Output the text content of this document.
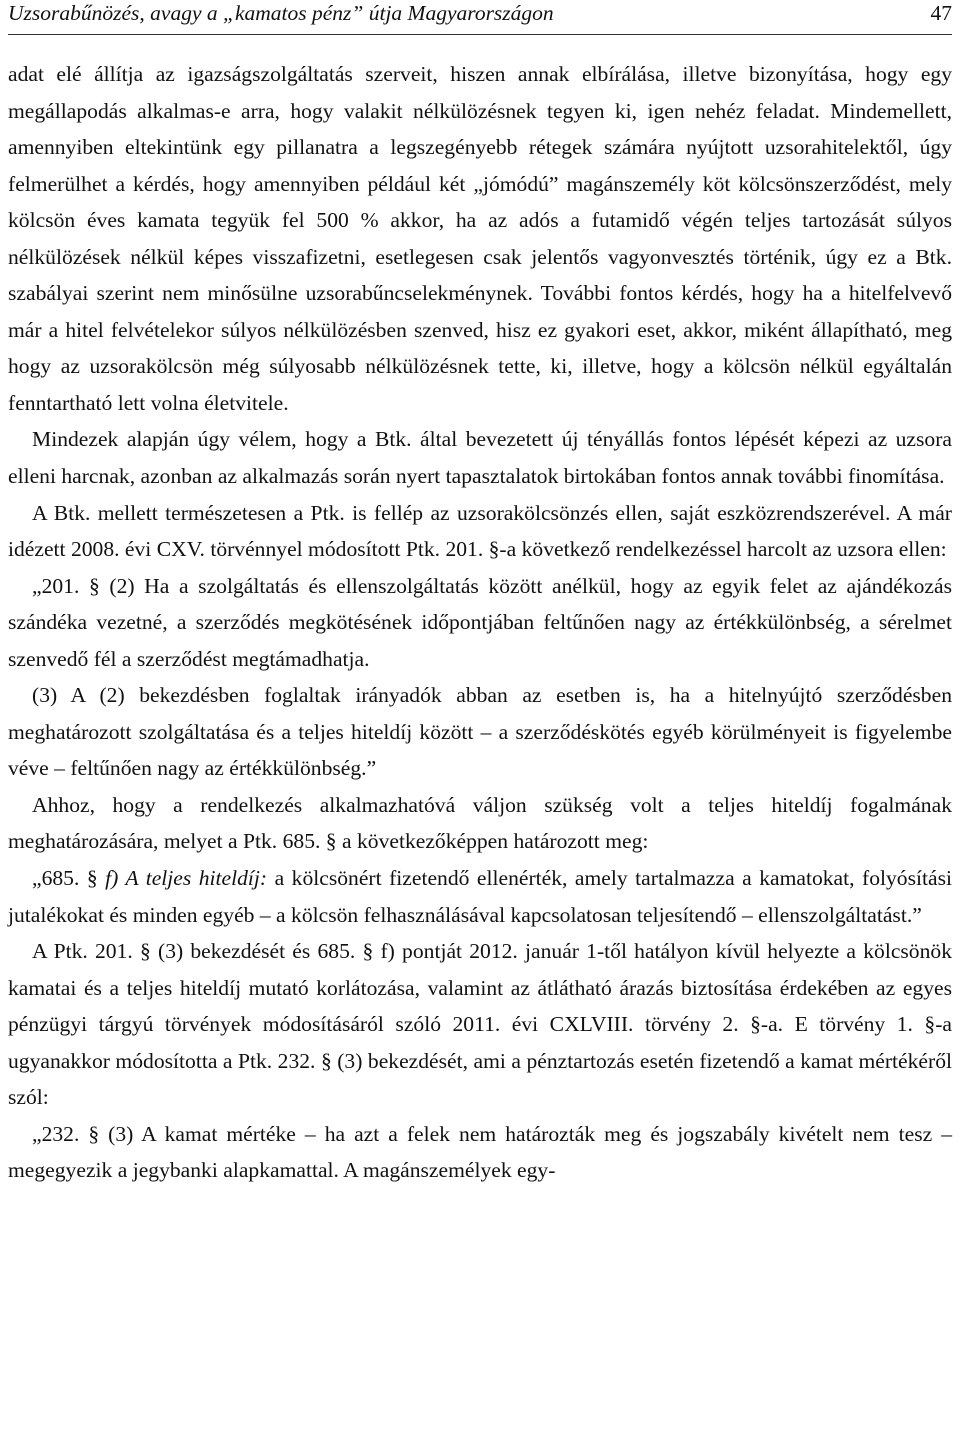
Uzsorabűnözés, avagy a „kamatos pénz” útja Magyarországon	47

adat elé állítja az igazságszolgáltatás szerveit, hiszen annak elbírálása, illetve bizonyítása, hogy egy megállapodás alkalmas-e arra, hogy valakit nélkülözésnek tegyen ki, igen nehéz feladat. Mindemellett, amennyiben eltekintünk egy pillanatra a legszegényebb rétegek számára nyújtott uzsorahitelektől, úgy felmerülhet a kérdés, hogy amennyiben például két „jómódú” magánszemély köt kölcsönszerződést, mely kölcsön éves kamata tegyük fel 500 % akkor, ha az adós a futamidő végén teljes tartozását súlyos nélkülözések nélkül képes visszafizetni, esetlegesen csak jelentős vagyonvesztés történik, úgy ez a Btk. szabályai szerint nem minősülne uzsorabűncselekménynek. További fontos kérdés, hogy ha a hitelfelvevő már a hitel felvételekor súlyos nélkülözésben szenved, hisz ez gyakori eset, akkor, miként állapítható, meg hogy az uzsorakölcsön még súlyosabb nélkülözésnek tette, ki, illetve, hogy a kölcsön nélkül egyáltalán fenntartható lett volna életvitele.

Mindezek alapján úgy vélem, hogy a Btk. által bevezetett új tényállás fontos lépését képezi az uzsora elleni harcnak, azonban az alkalmazás során nyert tapasztalatok birtokában fontos annak további finomítása.

A Btk. mellett természetesen a Ptk. is fellép az uzsorakölcsönzés ellen, saját eszközrendszerével. A már idézett 2008. évi CXV. törvénnyel módosított Ptk. 201. §-a következő rendelkezéssel harcolt az uzsora ellen:

„201. § (2) Ha a szolgáltatás és ellenszolgáltatás között anélkül, hogy az egyik felet az ajándékozás szándéka vezetné, a szerződés megkötésének időpontjában feltűnően nagy az értékkülönbség, a sérelmet szenvedő fél a szerződést megtámadhatja.

(3) A (2) bekezdésben foglaltak irányadók abban az esetben is, ha a hitelnyújtó szerződésben meghatározott szolgáltatása és a teljes hiteldíj között – a szerződéskötés egyéb körülményeit is figyelembe véve – feltűnően nagy az értékkülönbség.”

Ahhoz, hogy a rendelkezés alkalmazhatóvá váljon szükség volt a teljes hiteldíj fogalmának meghatározására, melyet a Ptk. 685. § a következőképpen határozott meg:

„685. § f) A teljes hiteldíj: a kölcsönért fizetendő ellenérték, amely tartalmazza a kamatokat, folyósítási jutalékokat és minden egyéb – a kölcsön felhasználásával kapcsolatosan teljesítendő – ellenszolgáltatást.”

A Ptk. 201. § (3) bekezdését és 685. § f) pontját 2012. január 1-től hatályon kívül helyezte a kölcsönök kamatai és a teljes hiteldíj mutató korlátozása, valamint az átlátható árazás biztosítása érdekében az egyes pénzügyi tárgyú törvények módosításáról szóló 2011. évi CXLVIII. törvény 2. §-a. E törvény 1. §-a ugyanakkor módosította a Ptk. 232. § (3) bekezdését, ami a pénztartozás esetén fizetendő a kamat mértékéről szól:

„232. § (3) A kamat mértéke – ha azt a felek nem határozták meg és jogszabály kivételt nem tesz – megegyezik a jegybanki alapkamattal. A magánszemélyek egy-
